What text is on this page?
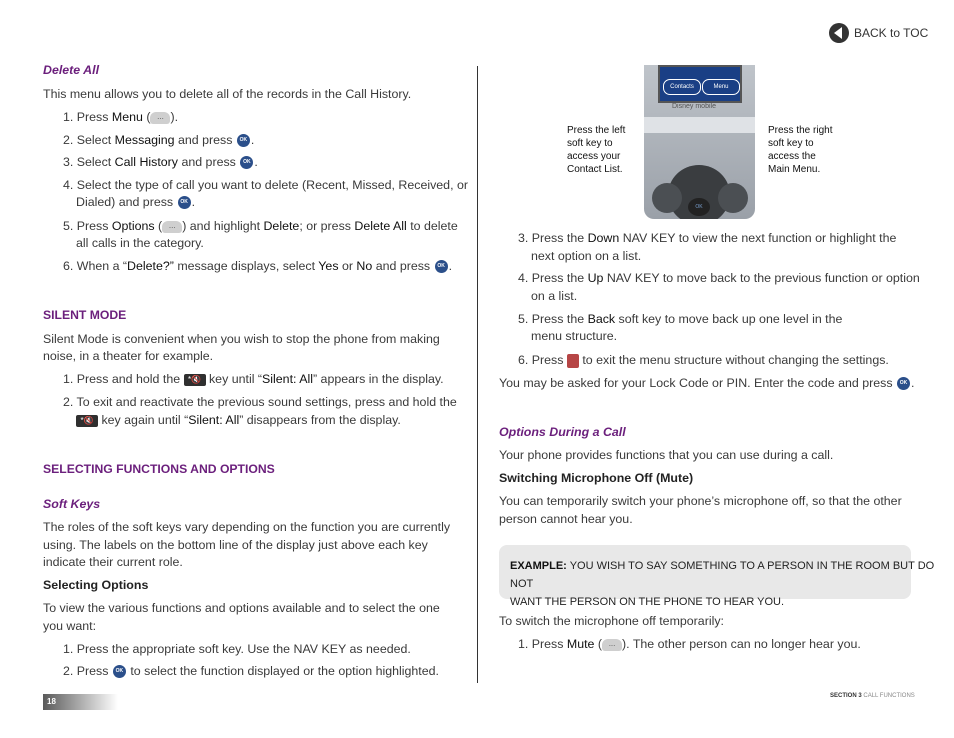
BACK to TOC
Delete All
This menu allows you to delete all of the records in the Call History.
1. Press Menu ( ... ).
2. Select Messaging and press OK .
3. Select Call History and press OK .
4. Select the type of call you want to delete (Recent, Missed, Received, or
Dialed) and press OK .
5. Press Options ( ... ) and highlight Delete; or press Delete All to delete
all calls in the category.
6. When a “Delete?” message displays, select Yes or No and press OK .
SILENT MODE
Silent Mode is convenient when you wish to stop the phone from making
noise, in a theater for example.
1. Press and hold the *🔇 key until “Silent: All” appears in the display.
2. To exit and reactivate the previous sound settings, press and hold the
*🔇 key again until “Silent: All” disappears from the display.
SELECTING FUNCTIONS AND OPTIONS
Soft Keys
The roles of the soft keys vary depending on the function you are currently
using. The labels on the bottom line of the display just above each key
indicate their current role.
Selecting Options
To view the various functions and options available and to select the one
you want:
1. Press the appropriate soft key. Use the NAV KEY as needed.
2. Press OK to select the function displayed or the option highlighted.
Contacts	Menu
Disney mobile
OK
Press the left
soft key to
access your
Contact List.
Press the right
soft key to
access the
Main Menu.
3. Press the Down NAV KEY to view the next function or highlight the
next option on a list.
4. Press the Up NAV KEY to move back to the previous function or option
on a list.
5. Press the Back soft key to move back up one level in the
menu structure.
6. Press  to exit the menu structure without changing the settings.
You may be asked for your Lock Code or PIN. Enter the code and press OK .
Options During a Call
Your phone provides functions that you can use during a call.
Switching Microphone Off (Mute)
You can temporarily switch your phone’s microphone off, so that the other
person cannot hear you.
EXAMPLE: YOU WISH TO SAY SOMETHING TO A PERSON IN THE ROOM BUT DO NOT
WANT THE PERSON ON THE PHONE TO HEAR YOU.
To switch the microphone off temporarily:
1. Press Mute ( ... ). The other person can no longer hear you.
18
SECTION 3 CALL FUNCTIONS
